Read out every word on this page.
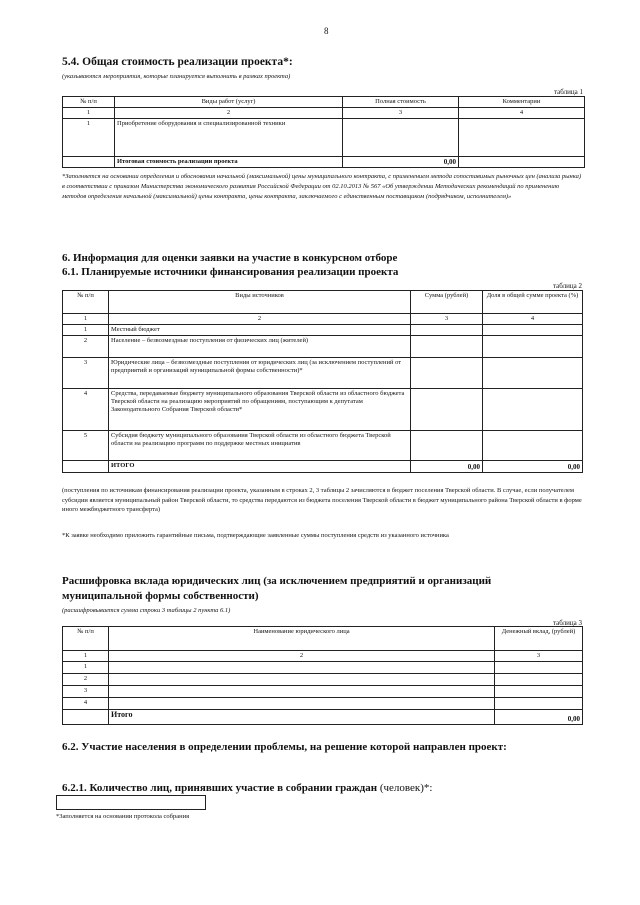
8
5.4. Общая стоимость реализации проекта*:
(указываются мероприятия, которые планируется выполнить в рамках проекта)
таблица 1
№ п/п	Виды работ (услуг)	Полная стоимость	Комментарии
1	2	3	4
1	Приобретение оборудования и специализированной техники		
	Итоговая стоимость реализации проекта	0,00	
*Заполняется на основании определения и обоснования начальной (максимальной) цены муниципального контракта, с применением метода сопоставимых рыночных цен (анализа рынка) в соответствии с приказом Министерства экономического развития Российской Федерации от 02.10.2013 № 567 «Об утверждении Методических рекомендаций по применению методов определения начальной (максимальной) цены контракта, цены контракта, заключаемого с единственным поставщиком (подрядчиком, исполнителем)»
6. Информация для оценки заявки на участие в конкурсном отборе
6.1. Планируемые источники финансирования реализации проекта
таблица 2
№ п/п	Виды источников	Сумма (рублей)	Доля в общей сумме проекта (%)
1	2	3	4
1	Местный бюджет		
2	Население – безвозмездные поступления от физических лиц (жителей)		
3	Юридические лица – безвозмездные поступления от юридических лиц (за исключением поступлений от предприятий и организаций муниципальной формы собственности)*		
4	Средства, передаваемые бюджету муниципального образования Тверской области из областного бюджета Тверской области на реализацию мероприятий по обращениям, поступающим к депутатам Законодательного Собрания Тверской области*		
5	Субсидия бюджету муниципального образования Тверской области из областного бюджета Тверской области на реализацию программ по поддержке местных инициатив		
	ИТОГО	0,00	0,00
(поступления по источникам финансирования реализации проекта, указанным в строках 2, 3 таблицы 2 зачисляются в бюджет поселения Тверской области. В случае, если получателем субсидии является муниципальный район Тверской области, то средства передаются из бюджета поселения Тверской области в бюджет муниципального района Тверской области в форме иного межбюджетного трансферта)
*К заявке необходимо приложить гарантийные письма, подтверждающие заявленные суммы поступления средств из указанного источника
Расшифровка вклада юридических лиц (за исключением предприятий и организаций муниципальной формы собственности)
(расшифровывается сумма строки 3 таблицы 2 пункта 6.1)
таблица 3
№ п/п	Наименование юридического лица	Денежный вклад, (рублей)
1	2	3
1		
2		
3		
4		
	Итого	0,00
6.2. Участие населения в определении проблемы, на решение которой направлен проект:
6.2.1. Количество лиц, принявших участие в собрании граждан (человек)*:
*Заполняется на основании протокола собрания
